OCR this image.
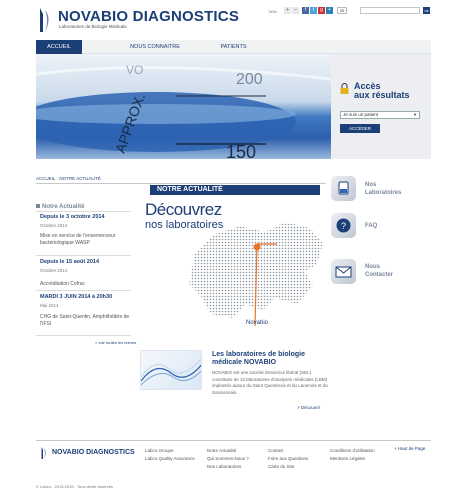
NOVABIO DIAGNOSTICS
Laboratoires de Biologie Médicale
Taille	+	−	f	t	g	+	20	ok
ACCUEIL	NOUS CONNAITRE	PATIENTS
200
150
VO
APPROX.
Accès
aux résultats
Je suis un patient	▼
ACCÉDER
ACCUEIL › NOTRE ACTUALITÉ
Notre Actualité
Depuis le 3 octobre 2014
Octobre 2014
Mise en service de l'ensemenceur bactériologique WASP
Depuis le 15 août 2014
Octobre 2014
Accréditation Cofrac
MARDI 3 JUIN 2014 à 20h30
Mai 2014
CHG de Saint-Quentin, Amphithéâtre de l'IFSI
> voir toutes les brèves
NOTRE ACTUALITÉ
Découvrez
nos laboratoires
Novabio
Les laboratoires de biologie médicale NOVABIO
NOVABIO est une société d'exercice libéral (SEL) constituée de 13 laboratoires d'analyses médicales (LBM) implantés autour du Saint Quentinois et du Laonnois et du Soissonnais.
> Découvrir
Nos
Laboratoires
?	FAQ
Nous
Contacter
NOVABIO DIAGNOSTICS Labco Groupe
Labco Quality Assurance
Notre Actualité
Qui Sommes-Nous ?
Nos Laboratoires
Contact
Foire aux Questions
Carte du Site
Conditions d'utilisation
Mentions Légales
+ Haut de Page
© Labco - 2013-2015 - Tous droits réservés
